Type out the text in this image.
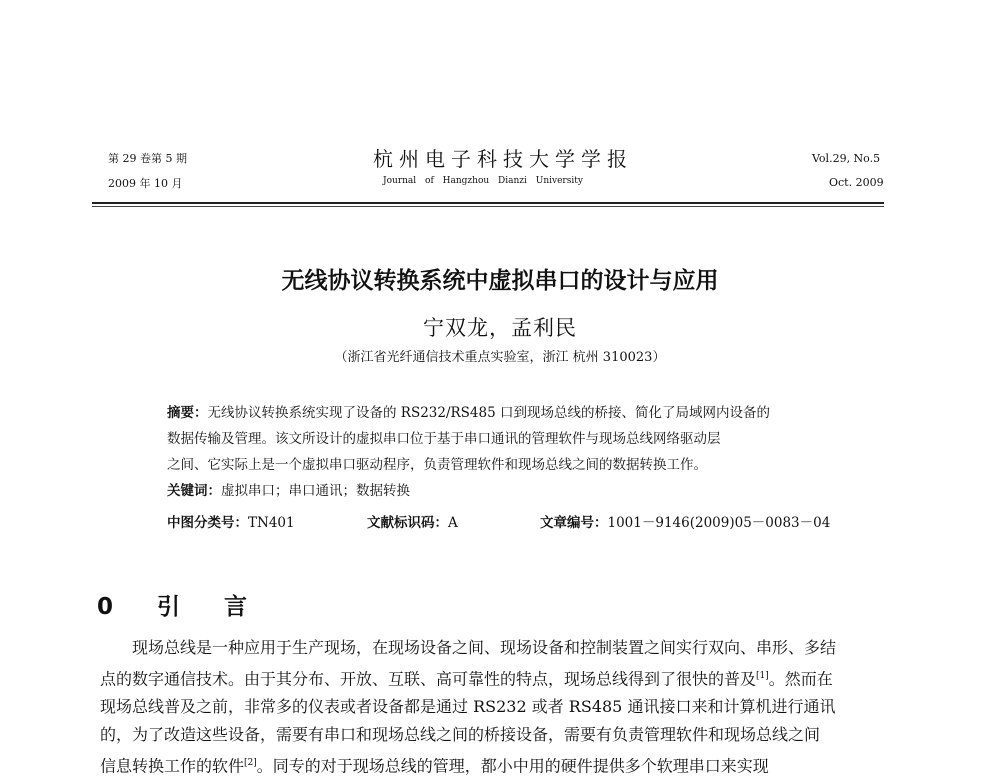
第 29 卷第 5 期
2009 年 10 月
杭州电子科技大学学报
Journal of Hangzhou Dianzi University
Vol.29, No.5
Oct. 2009
无线协议转换系统中虚拟串口的设计与应用
宁双龙，孟利民
（浙江省光纤通信技术重点实验室，浙江 杭州 310023）
摘要：无线协议转换系统实现了设备的 RS232/RS485 口到现场总线的桥接、简化了局域网内设备的
数据传输及管理。该文所设计的虚拟串口位于基于串口通讯的管理软件与现场总线网络驱动层
之间、它实际上是一个虚拟串口驱动程序，负责管理软件和现场总线之间的数据转换工作。
关键词：虚拟串口；串口通讯；数据转换
中图分类号：TN401	文献标识码：A	文章编号：1001－9146(2009)05－0083－04
0 引 言
现场总线是一种应用于生产现场，在现场设备之间、现场设备和控制装置之间实行双向、串形、多结
点的数字通信技术。由于其分布、开放、互联、高可靠性的特点，现场总线得到了很快的普及[1]。然而在
现场总线普及之前，非常多的仪表或者设备都是通过 RS232 或者 RS485 通讯接口来和计算机进行通讯
的，为了改造这些设备，需要有串口和现场总线之间的桥接设备，需要有负责管理软件和现场总线之间
信息转换工作的软件[2]。同专的对于现场总线的管理，都小中用的硬件提供多个软理串口来实现
